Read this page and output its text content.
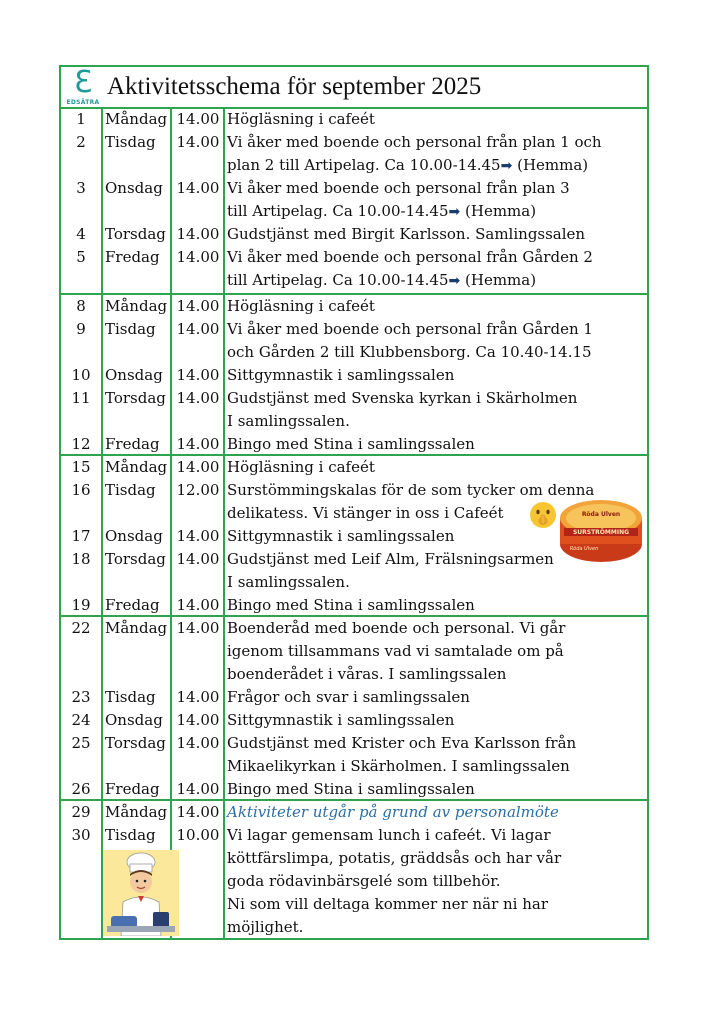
Ɛ
EDSÄTRA
Aktivitetsschema för september 2025
1	Måndag 14.00 Högläsning i cafeét
2	Tisdag 14.00 Vi åker med boende och personal från plan 1 och
plan 2 till Artipelag. Ca 10.00-14.45➡ (Hemma)
3	Onsdag 14.00 Vi åker med boende och personal från plan 3
till Artipelag. Ca 10.00-14.45➡ (Hemma)
4	Torsdag 14.00 Gudstjänst med Birgit Karlsson. Samlingssalen
5	Fredag 14.00 Vi åker med boende och personal från Gården 2
till Artipelag. Ca 10.00-14.45➡ (Hemma)
8	Måndag 14.00 Högläsning i cafeét
9	Tisdag 14.00 Vi åker med boende och personal från Gården 1
och Gården 2 till Klubbensborg. Ca 10.40-14.15
10 Onsdag 14.00 Sittgymnastik i samlingssalen
11 Torsdag 14.00 Gudstjänst med Svenska kyrkan i Skärholmen
I samlingssalen.
12 Fredag 14.00 Bingo med Stina i samlingssalen
15 Måndag 14.00 Högläsning i cafeét
16 Tisdag 12.00 Surstömmingskalas för de som tycker om denna
delikatess. Vi stänger in oss i Cafeét
17 Onsdag 14.00 Sittgymnastik i samlingssalen
18 Torsdag 14.00 Gudstjänst med Leif Alm, Frälsningsarmen
I samlingssalen.
19 Fredag 14.00 Bingo med Stina i samlingssalen
22 Måndag 14.00 Boenderåd med boende och personal. Vi går
igenom tillsammans vad vi samtalade om på
boenderådet i våras. I samlingssalen
23 Tisdag 14.00 Frågor och svar i samlingssalen
24 Onsdag 14.00 Sittgymnastik i samlingssalen
25 Torsdag 14.00 Gudstjänst med Krister och Eva Karlsson från
Mikaelikyrkan i Skärholmen. I samlingssalen
26 Fredag 14.00 Bingo med Stina i samlingssalen
29 Måndag 14.00 Aktiviteter utgår på grund av personalmöte
30 Tisdag 10.00 Vi lagar gemensam lunch i cafeét. Vi lagar
köttfärslimpa, potatis, gräddsås och har vår
goda rödavinbärsgelé som tillbehör.
Ni som vill deltaga kommer ner när ni har
möjlighet.
Röda Ulven
SURSTRÖMMING
Röda Ulven
